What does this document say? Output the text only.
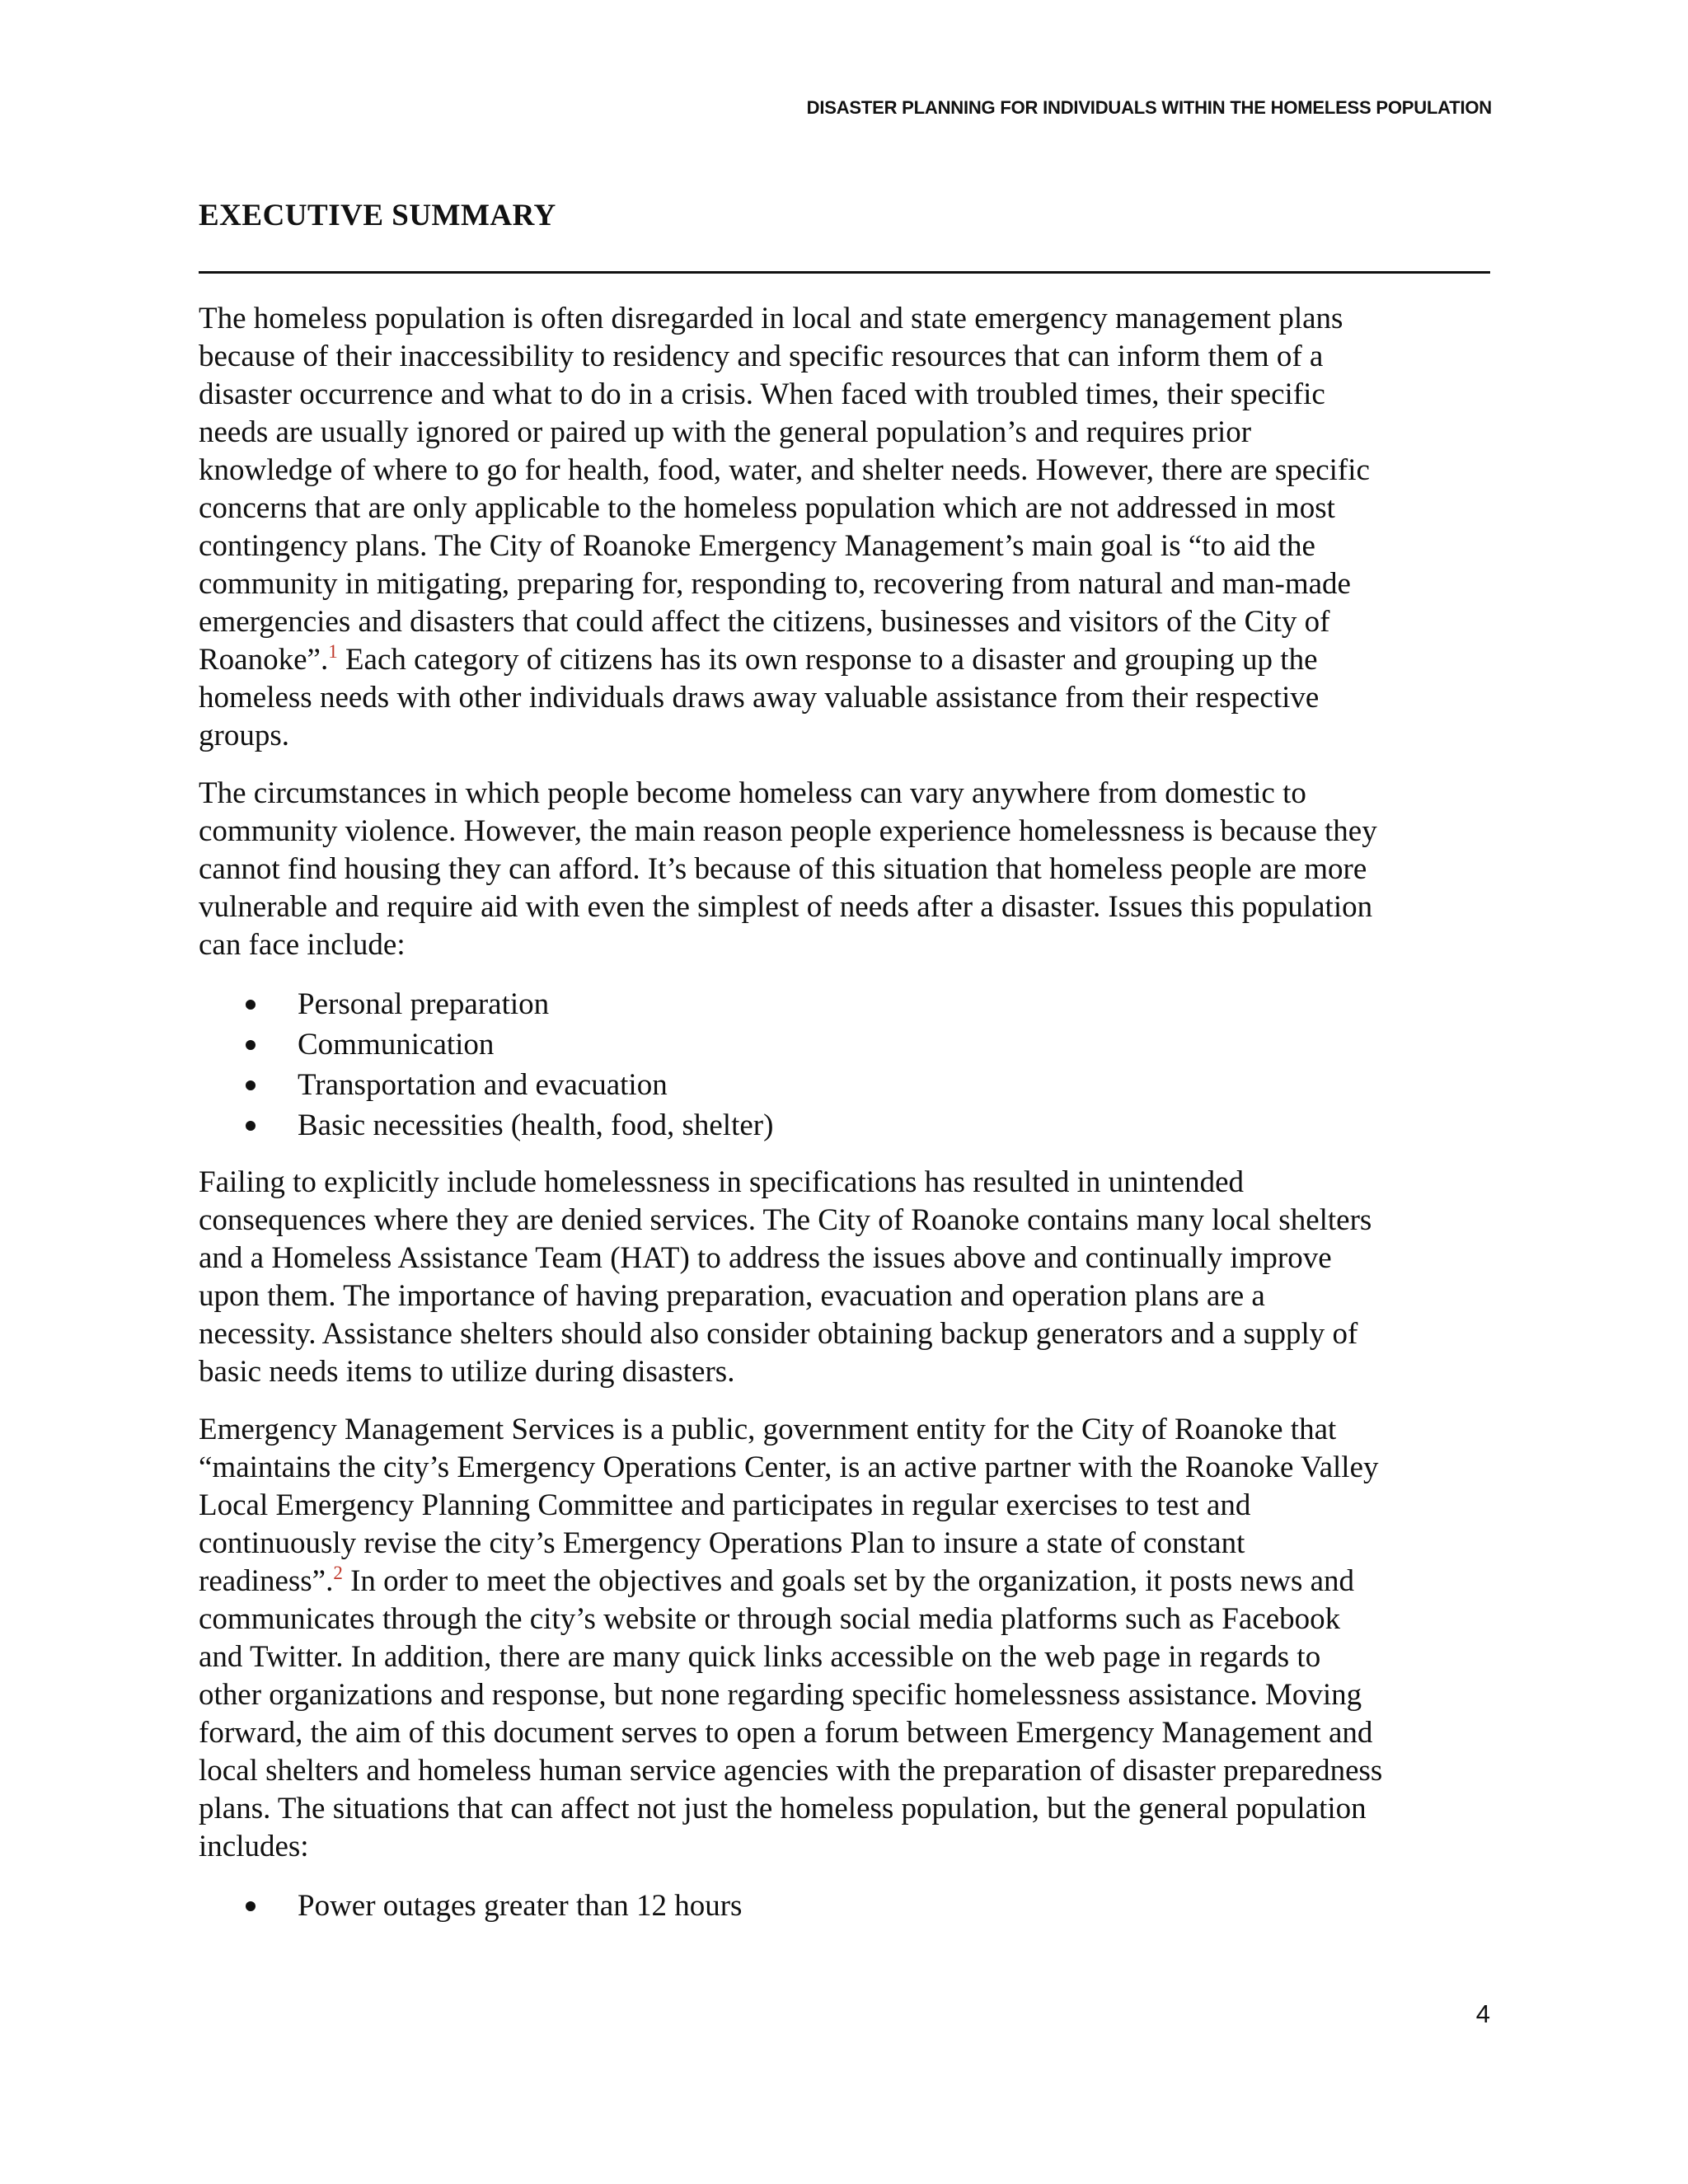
DISASTER PLANNING FOR INDIVIDUALS WITHIN THE HOMELESS POPULATION
EXECUTIVE SUMMARY

The homeless population is often disregarded in local and state emergency management plans
because of their inaccessibility to residency and specific resources that can inform them of a
disaster occurrence and what to do in a crisis. When faced with troubled times, their specific
needs are usually ignored or paired up with the general population’s and requires prior
knowledge of where to go for health, food, water, and shelter needs. However, there are specific
concerns that are only applicable to the homeless population which are not addressed in most
contingency plans. The City of Roanoke Emergency Management’s main goal is “to aid the
community in mitigating, preparing for, responding to, recovering from natural and man-made
emergencies and disasters that could affect the citizens, businesses and visitors of the City of
Roanoke”.$^1$ Each category of citizens has its own response to a disaster and grouping up the
homeless needs with other individuals draws away valuable assistance from their respective
groups.

The circumstances in which people become homeless can vary anywhere from domestic to
community violence. However, the main reason people experience homelessness is because they
cannot find housing they can afford. It’s because of this situation that homeless people are more
vulnerable and require aid with even the simplest of needs after a disaster. Issues this population
can face include:

Personal preparation
Communication
Transportation and evacuation
Basic necessities (health, food, shelter)

Failing to explicitly include homelessness in specifications has resulted in unintended
consequences where they are denied services. The City of Roanoke contains many local shelters
and a Homeless Assistance Team (HAT) to address the issues above and continually improve
upon them. The importance of having preparation, evacuation and operation plans are a
necessity. Assistance shelters should also consider obtaining backup generators and a supply of
basic needs items to utilize during disasters.

Emergency Management Services is a public, government entity for the City of Roanoke that
“maintains the city’s Emergency Operations Center, is an active partner with the Roanoke Valley
Local Emergency Planning Committee and participates in regular exercises to test and
continuously revise the city’s Emergency Operations Plan to insure a state of constant
readiness”.$^2$ In order to meet the objectives and goals set by the organization, it posts news and
communicates through the city’s website or through social media platforms such as Facebook
and Twitter. In addition, there are many quick links accessible on the web page in regards to
other organizations and response, but none regarding specific homelessness assistance. Moving
forward, the aim of this document serves to open a forum between Emergency Management and
local shelters and homeless human service agencies with the preparation of disaster preparedness
plans. The situations that can affect not just the homeless population, but the general population
includes:

Power outages greater than 12 hours
4
